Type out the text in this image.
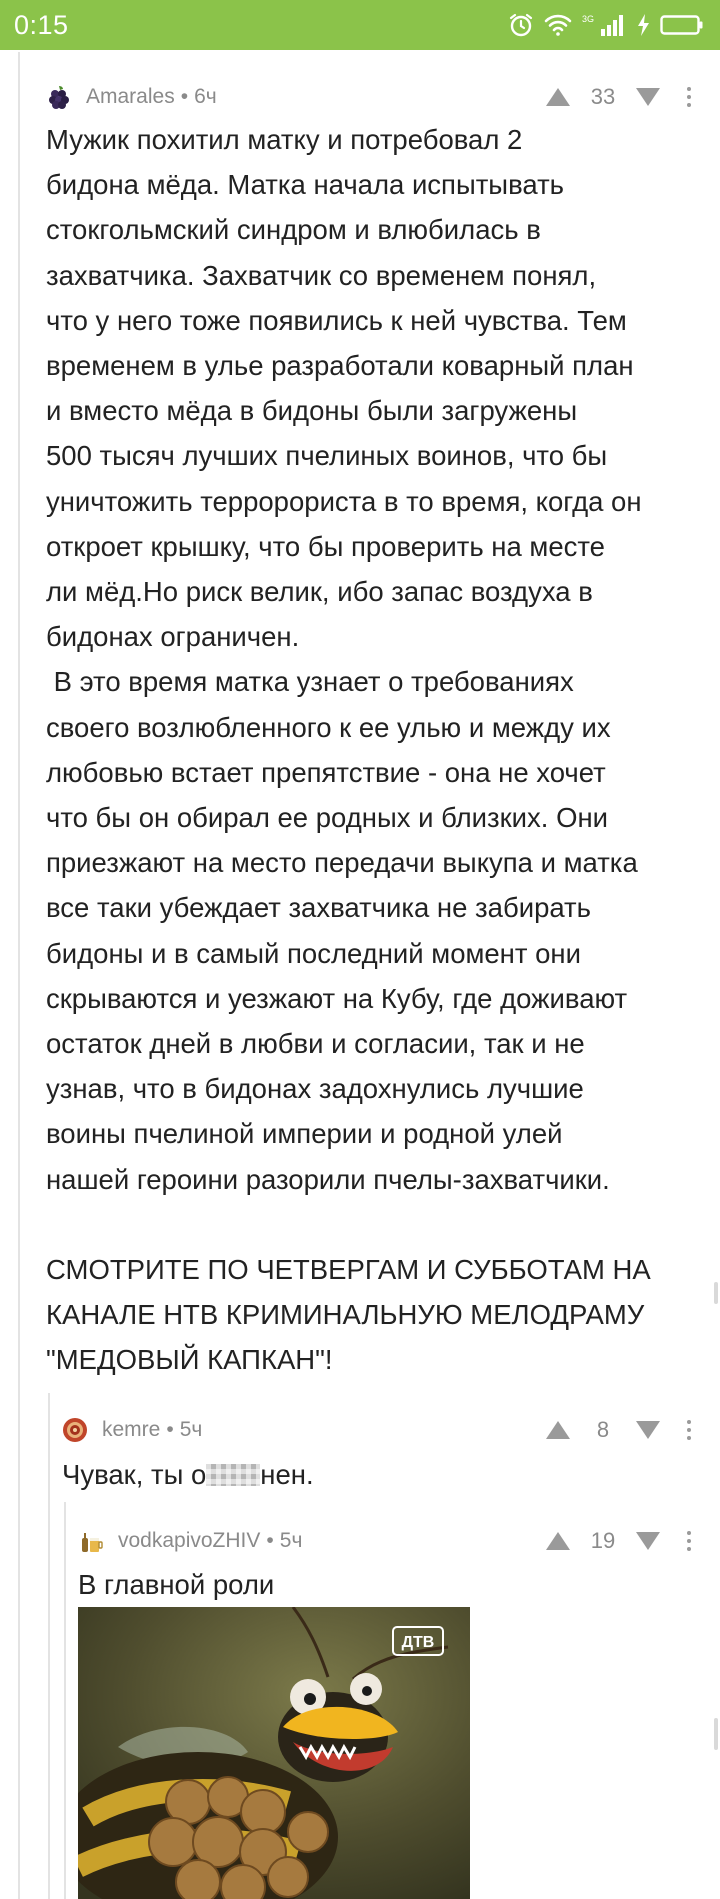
0:15	3G
Amarales • 6ч	33
Мужик похитил матку и потребовал 2
бидона мёда. Матка начала испытывать
стокгольмский синдром и влюбилась в
захватчика. Захватчик со временем понял,
что у него тоже появились к ней чувства. Тем
временем в улье разработали коварный план
и вместо мёда в бидоны были загружены
500 тысяч лучших пчелиных воинов, что бы
уничтожить терророриста в то время, когда он
откроет крышку, что бы проверить на месте
ли мёд.Но риск велик, ибо запас воздуха в
бидонах ограничен.
В это время матка узнает о требованиях
своего возлюбленного к ее улью и между их
любовью встает препятствие - она не хочет
что бы он обирал ее родных и близких. Они
приезжают на место передачи выкупа и матка
все таки убеждает захватчика не забирать
бидоны и в самый последний момент они
скрываются и уезжают на Кубу, где доживают
остаток дней в любви и согласии, так и не
узнав, что в бидонах задохнулись лучшие
воины пчелиной империи и родной улей
нашей героини разорили пчелы-захватчики.

СМОТРИТЕ ПО ЧЕТВЕРГАМ И СУББОТАМ НА
КАНАЛЕ НТВ КРИМИНАЛЬНУЮ МЕЛОДРАМУ
"МЕДОВЫЙ КАПКАН"!
kemre • 5ч	8
Чувак, ты о нен.
vodkapivoZHIV • 5ч	19
В главной роли
ДТВ
